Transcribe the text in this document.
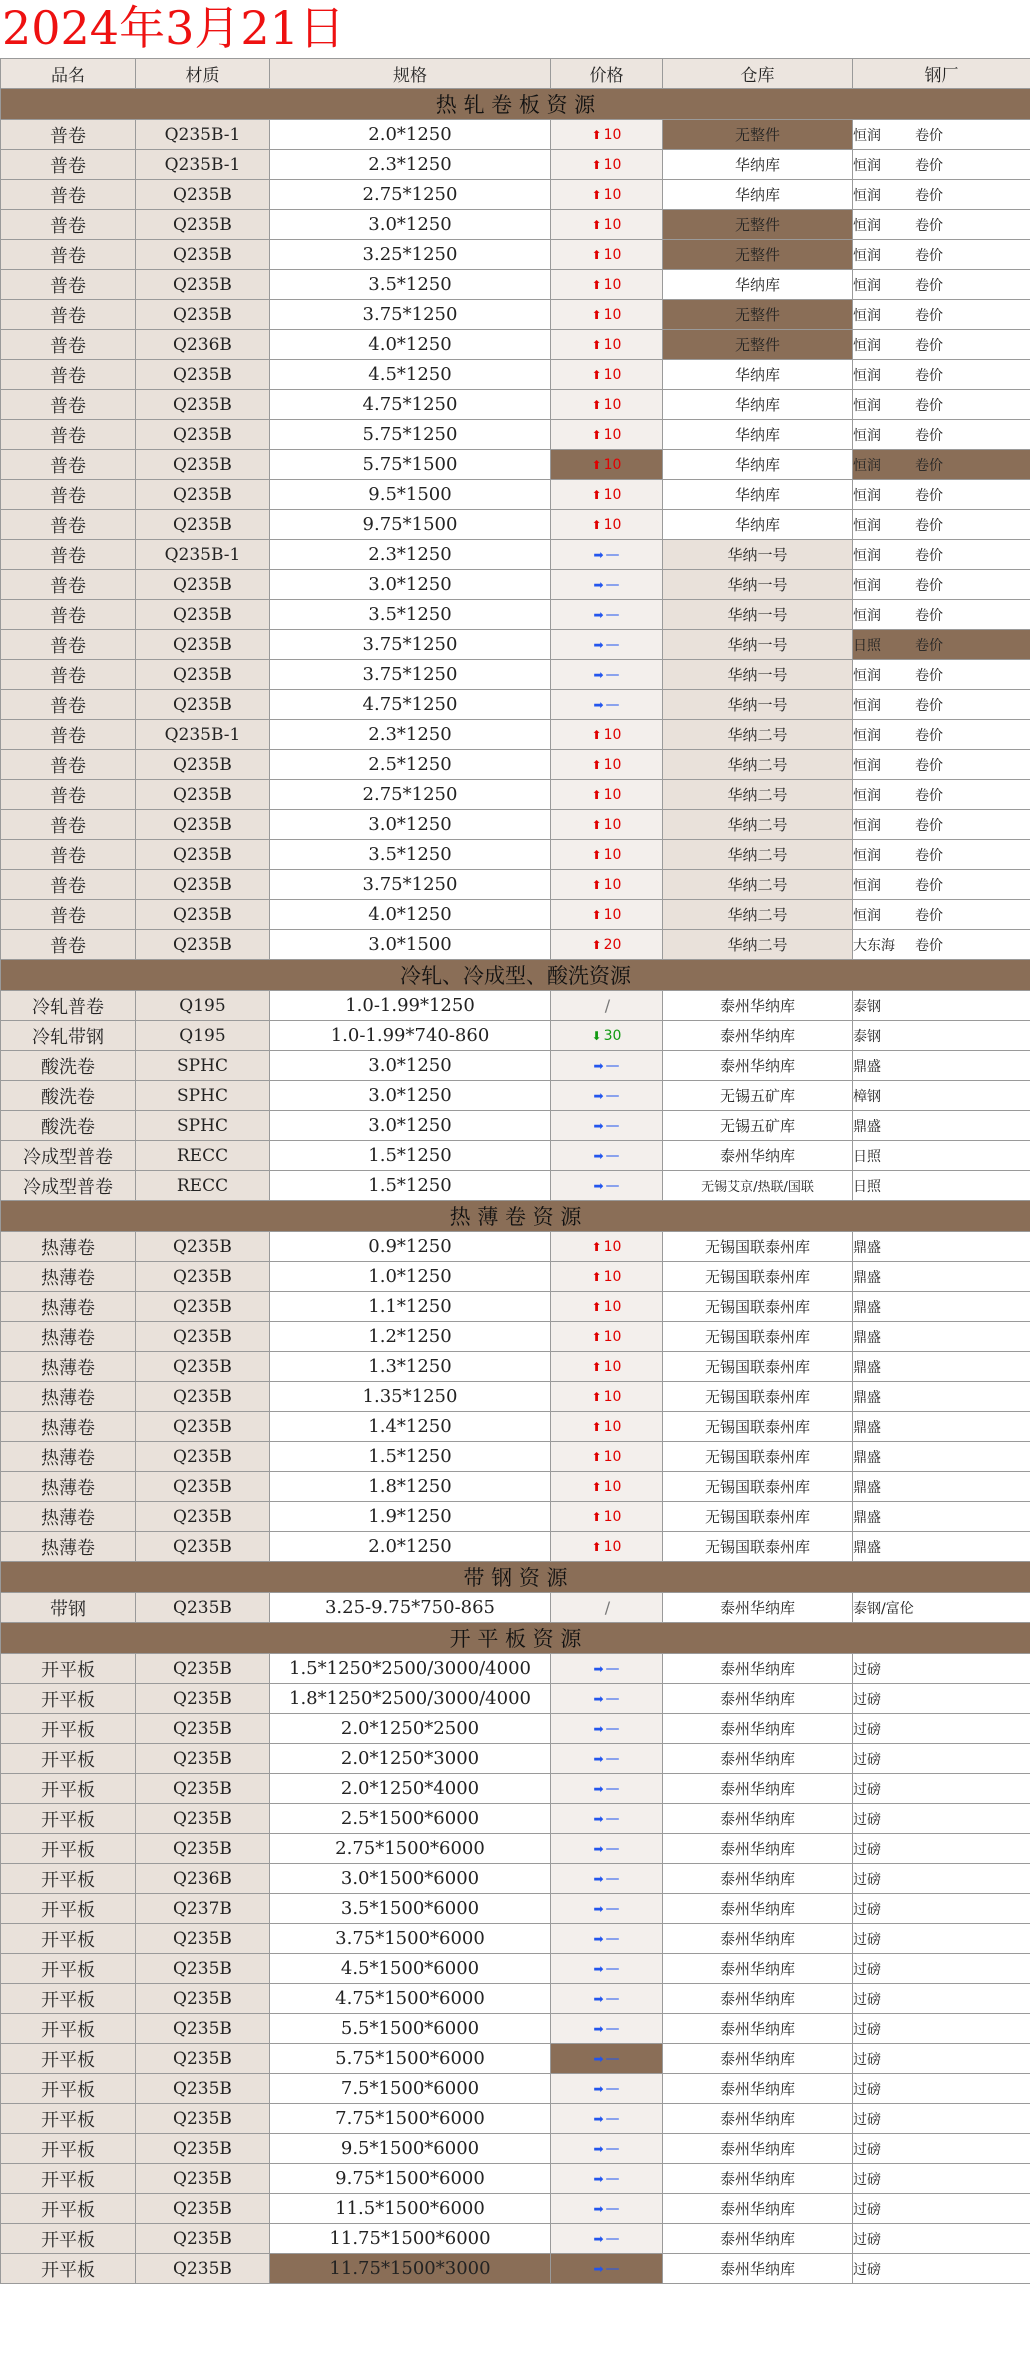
2024年3月21日
品名	材质	规格	价格	仓库	钢厂
热 轧 卷 板 资 源					
普卷	Q235B-1	2.0*1250	⬆ 10	无整件	恒润 卷价
普卷	Q235B-1	2.3*1250	⬆ 10	华纳库	恒润 卷价
普卷	Q235B	2.75*1250	⬆ 10	华纳库	恒润 卷价
普卷	Q235B	3.0*1250	⬆ 10	无整件	恒润 卷价
普卷	Q235B	3.25*1250	⬆ 10	无整件	恒润 卷价
普卷	Q235B	3.5*1250	⬆ 10	华纳库	恒润 卷价
普卷	Q235B	3.75*1250	⬆ 10	无整件	恒润 卷价
普卷	Q236B	4.0*1250	⬆ 10	无整件	恒润 卷价
普卷	Q235B	4.5*1250	⬆ 10	华纳库	恒润 卷价
普卷	Q235B	4.75*1250	⬆ 10	华纳库	恒润 卷价
普卷	Q235B	5.75*1250	⬆ 10	华纳库	恒润 卷价
普卷	Q235B	5.75*1500	⬆ 10	华纳库	恒润 卷价
普卷	Q235B	9.5*1500	⬆ 10	华纳库	恒润 卷价
普卷	Q235B	9.75*1500	⬆ 10	华纳库	恒润 卷价
普卷	Q235B-1	2.3*1250	➡ —	华纳一号	恒润 卷价
普卷	Q235B	3.0*1250	➡ —	华纳一号	恒润 卷价
普卷	Q235B	3.5*1250	➡ —	华纳一号	恒润 卷价
普卷	Q235B	3.75*1250	➡ —	华纳一号	日照 卷价
普卷	Q235B	3.75*1250	➡ —	华纳一号	恒润 卷价
普卷	Q235B	4.75*1250	➡ —	华纳一号	恒润 卷价
普卷	Q235B-1	2.3*1250	⬆ 10	华纳二号	恒润 卷价
普卷	Q235B	2.5*1250	⬆ 10	华纳二号	恒润 卷价
普卷	Q235B	2.75*1250	⬆ 10	华纳二号	恒润 卷价
普卷	Q235B	3.0*1250	⬆ 10	华纳二号	恒润 卷价
普卷	Q235B	3.5*1250	⬆ 10	华纳二号	恒润 卷价
普卷	Q235B	3.75*1250	⬆ 10	华纳二号	恒润 卷价
普卷	Q235B	4.0*1250	⬆ 10	华纳二号	恒润 卷价
普卷	Q235B	3.0*1500	⬆ 20	华纳二号	大东海 卷价
冷轧、冷成型、酸洗资源					
冷轧普卷	Q195	1.0-1.99*1250	/	泰州华纳库	泰钢
冷轧带钢	Q195	1.0-1.99*740-860	⬇ 30	泰州华纳库	泰钢
酸洗卷	SPHC	3.0*1250	➡ —	泰州华纳库	鼎盛
酸洗卷	SPHC	3.0*1250	➡ —	无锡五矿库	樟钢
酸洗卷	SPHC	3.0*1250	➡ —	无锡五矿库	鼎盛
冷成型普卷	RECC	1.5*1250	➡ —	泰州华纳库	日照
冷成型普卷	RECC	1.5*1250	➡ —	无锡艾京/热联/国联	日照
热 薄 卷 资 源					
热薄卷	Q235B	0.9*1250	⬆ 10	无锡国联泰州库	鼎盛
热薄卷	Q235B	1.0*1250	⬆ 10	无锡国联泰州库	鼎盛
热薄卷	Q235B	1.1*1250	⬆ 10	无锡国联泰州库	鼎盛
热薄卷	Q235B	1.2*1250	⬆ 10	无锡国联泰州库	鼎盛
热薄卷	Q235B	1.3*1250	⬆ 10	无锡国联泰州库	鼎盛
热薄卷	Q235B	1.35*1250	⬆ 10	无锡国联泰州库	鼎盛
热薄卷	Q235B	1.4*1250	⬆ 10	无锡国联泰州库	鼎盛
热薄卷	Q235B	1.5*1250	⬆ 10	无锡国联泰州库	鼎盛
热薄卷	Q235B	1.8*1250	⬆ 10	无锡国联泰州库	鼎盛
热薄卷	Q235B	1.9*1250	⬆ 10	无锡国联泰州库	鼎盛
热薄卷	Q235B	2.0*1250	⬆ 10	无锡国联泰州库	鼎盛
带 钢 资 源					
带钢	Q235B	3.25-9.75*750-865	/	泰州华纳库	泰钢/富伦
开 平 板 资 源					
开平板	Q235B	1.5*1250*2500/3000/4000	➡ —	泰州华纳库	过磅
开平板	Q235B	1.8*1250*2500/3000/4000	➡ —	泰州华纳库	过磅
开平板	Q235B	2.0*1250*2500	➡ —	泰州华纳库	过磅
开平板	Q235B	2.0*1250*3000	➡ —	泰州华纳库	过磅
开平板	Q235B	2.0*1250*4000	➡ —	泰州华纳库	过磅
开平板	Q235B	2.5*1500*6000	➡ —	泰州华纳库	过磅
开平板	Q235B	2.75*1500*6000	➡ —	泰州华纳库	过磅
开平板	Q236B	3.0*1500*6000	➡ —	泰州华纳库	过磅
开平板	Q237B	3.5*1500*6000	➡ —	泰州华纳库	过磅
开平板	Q235B	3.75*1500*6000	➡ —	泰州华纳库	过磅
开平板	Q235B	4.5*1500*6000	➡ —	泰州华纳库	过磅
开平板	Q235B	4.75*1500*6000	➡ —	泰州华纳库	过磅
开平板	Q235B	5.5*1500*6000	➡ —	泰州华纳库	过磅
开平板	Q235B	5.75*1500*6000	➡ —	泰州华纳库	过磅
开平板	Q235B	7.5*1500*6000	➡ —	泰州华纳库	过磅
开平板	Q235B	7.75*1500*6000	➡ —	泰州华纳库	过磅
开平板	Q235B	9.5*1500*6000	➡ —	泰州华纳库	过磅
开平板	Q235B	9.75*1500*6000	➡ —	泰州华纳库	过磅
开平板	Q235B	11.5*1500*6000	➡ —	泰州华纳库	过磅
开平板	Q235B	11.75*1500*6000	➡ —	泰州华纳库	过磅
开平板	Q235B	11.75*1500*3000	➡ —	泰州华纳库	过磅
